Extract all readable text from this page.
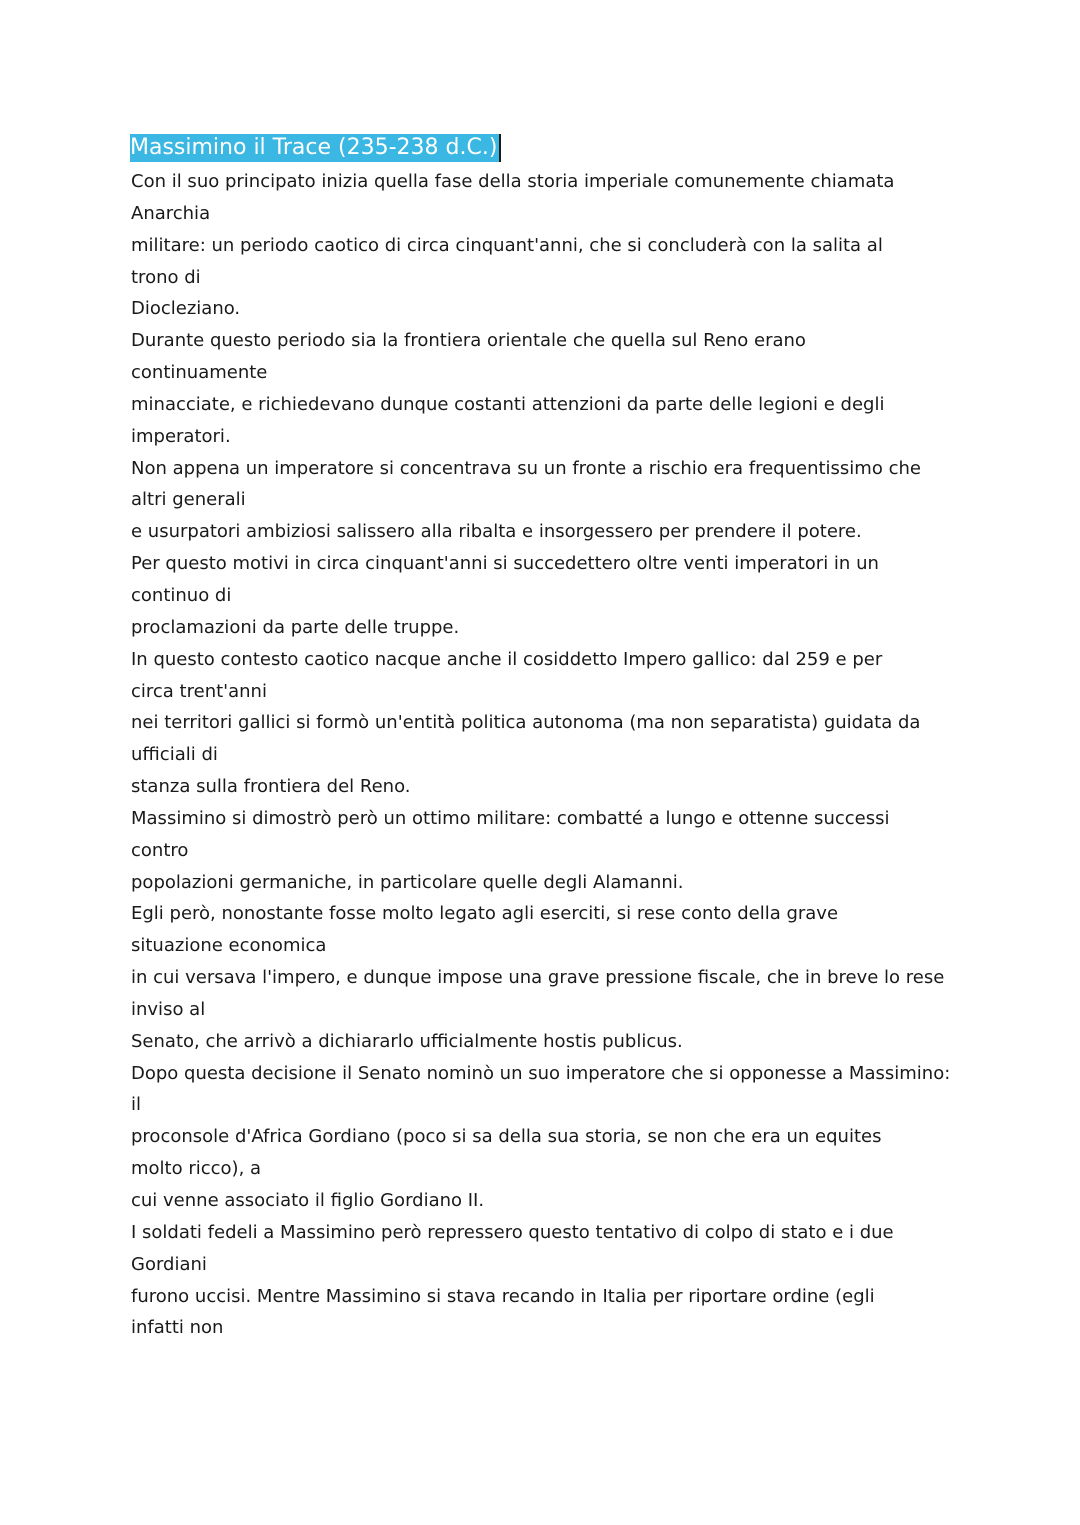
Massimino il Trace (235-238 d.C.)
Con il suo principato inizia quella fase della storia imperiale comunemente chiamata
Anarchia
militare: un periodo caotico di circa cinquant'anni, che si concluderà con la salita al
trono di
Diocleziano.
Durante questo periodo sia la frontiera orientale che quella sul Reno erano
continuamente
minacciate, e richiedevano dunque costanti attenzioni da parte delle legioni e degli
imperatori.
Non appena un imperatore si concentrava su un fronte a rischio era frequentissimo che
altri generali
e usurpatori ambiziosi salissero alla ribalta e insorgessero per prendere il potere.
Per questo motivi in circa cinquant'anni si succedettero oltre venti imperatori in un
continuo di
proclamazioni da parte delle truppe.
In questo contesto caotico nacque anche il cosiddetto Impero gallico: dal 259 e per
circa trent'anni
nei territori gallici si formò un'entità politica autonoma (ma non separatista) guidata da
ufficiali di
stanza sulla frontiera del Reno.
Massimino si dimostrò però un ottimo militare: combatté a lungo e ottenne successi
contro
popolazioni germaniche, in particolare quelle degli Alamanni.
Egli però, nonostante fosse molto legato agli eserciti, si rese conto della grave
situazione economica
in cui versava l'impero, e dunque impose una grave pressione fiscale, che in breve lo rese
inviso al
Senato, che arrivò a dichiararlo ufficialmente hostis publicus.
Dopo questa decisione il Senato nominò un suo imperatore che si opponesse a Massimino:
il
proconsole d'Africa Gordiano (poco si sa della sua storia, se non che era un equites
molto ricco), a
cui venne associato il figlio Gordiano II.
I soldati fedeli a Massimino però repressero questo tentativo di colpo di stato e i due
Gordiani
furono uccisi. Mentre Massimino si stava recando in Italia per riportare ordine (egli
infatti non
